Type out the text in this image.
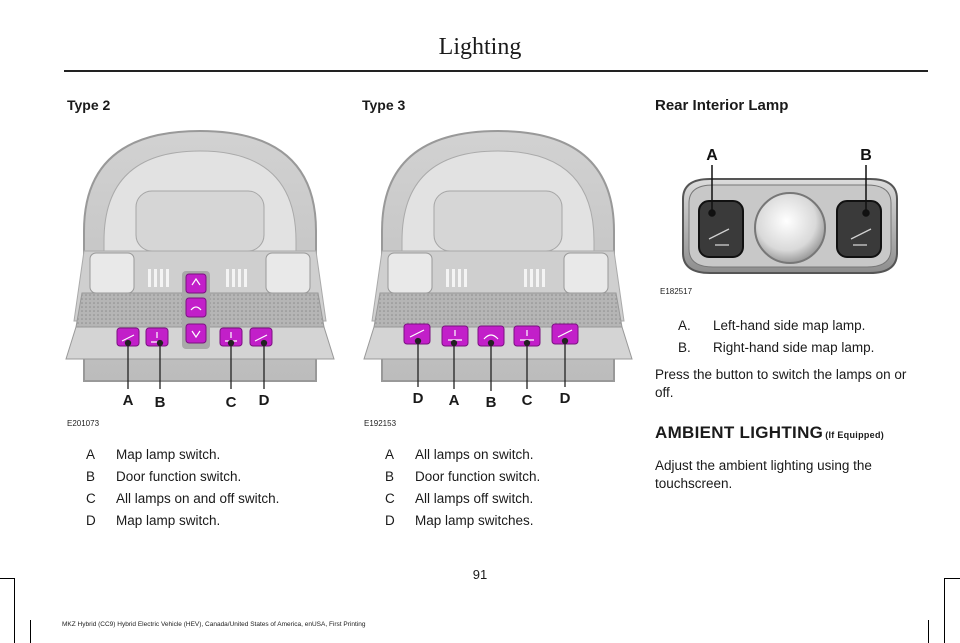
Lighting
Type 2
A B	C D
E201073
A	Map lamp switch.
B	Door function switch.
C	All lamps on and off switch.
D	Map lamp switch.
Type 3
D A B C D
E192153
A	All lamps on switch.
B	Door function switch.
C	All lamps off switch.
D	Map lamp switches.
Rear Interior Lamp
A	B
E182517
A.	Left-hand side map lamp.
B.	Right-hand side map lamp.
Press the button to switch the lamps on or off.
AMBIENT LIGHTING (If Equipped)
Adjust the ambient lighting using the touchscreen.
91
MKZ Hybrid (CC9) Hybrid Electric Vehicle (HEV), Canada/United States of America, enUSA, First Printing
